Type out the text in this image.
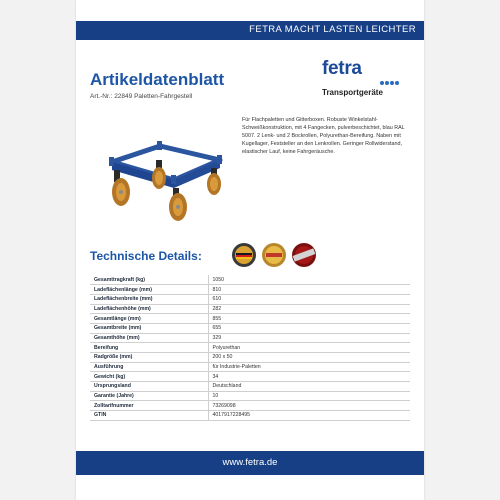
FETRA MACHT LASTEN LEICHTER
Artikeldatenblatt
Art.-Nr.: 22849 Paletten-Fahrgestell
fetra
Transportgeräte
Für Flachpaletten und Gitterboxen. Robuste Winkelstahl-Schweißkonstruktion, mit 4 Fangecken, pulverbeschichtet, blau RAL 5007. 2 Lenk- und 2 Bockrollen, Polyurethan-Bereifung. Naben mit Kugellager, Feststeller an den Lenkrollen. Geringer Rollwiderstand, elastischer Lauf, keine Fahrgeräusche.
Technische Details:
Gesamttragkraft (kg)	1050
Ladeflächenlänge (mm)	810
Ladeflächenbreite (mm)	610
Ladeflächenhöhe (mm)	282
Gesamtlänge (mm)	855
Gesamtbreite (mm)	655
Gesamthöhe (mm)	329
Bereifung	Polyurethan
Radgröße (mm)	200 x 50
Ausführung	für Industrie-Paletten
Gewicht (kg)	34
Ursprungsland	Deutschland
Garantie (Jahre)	10
Zolltarifnummer	73269098
GTIN	4017917228495
www.fetra.de
